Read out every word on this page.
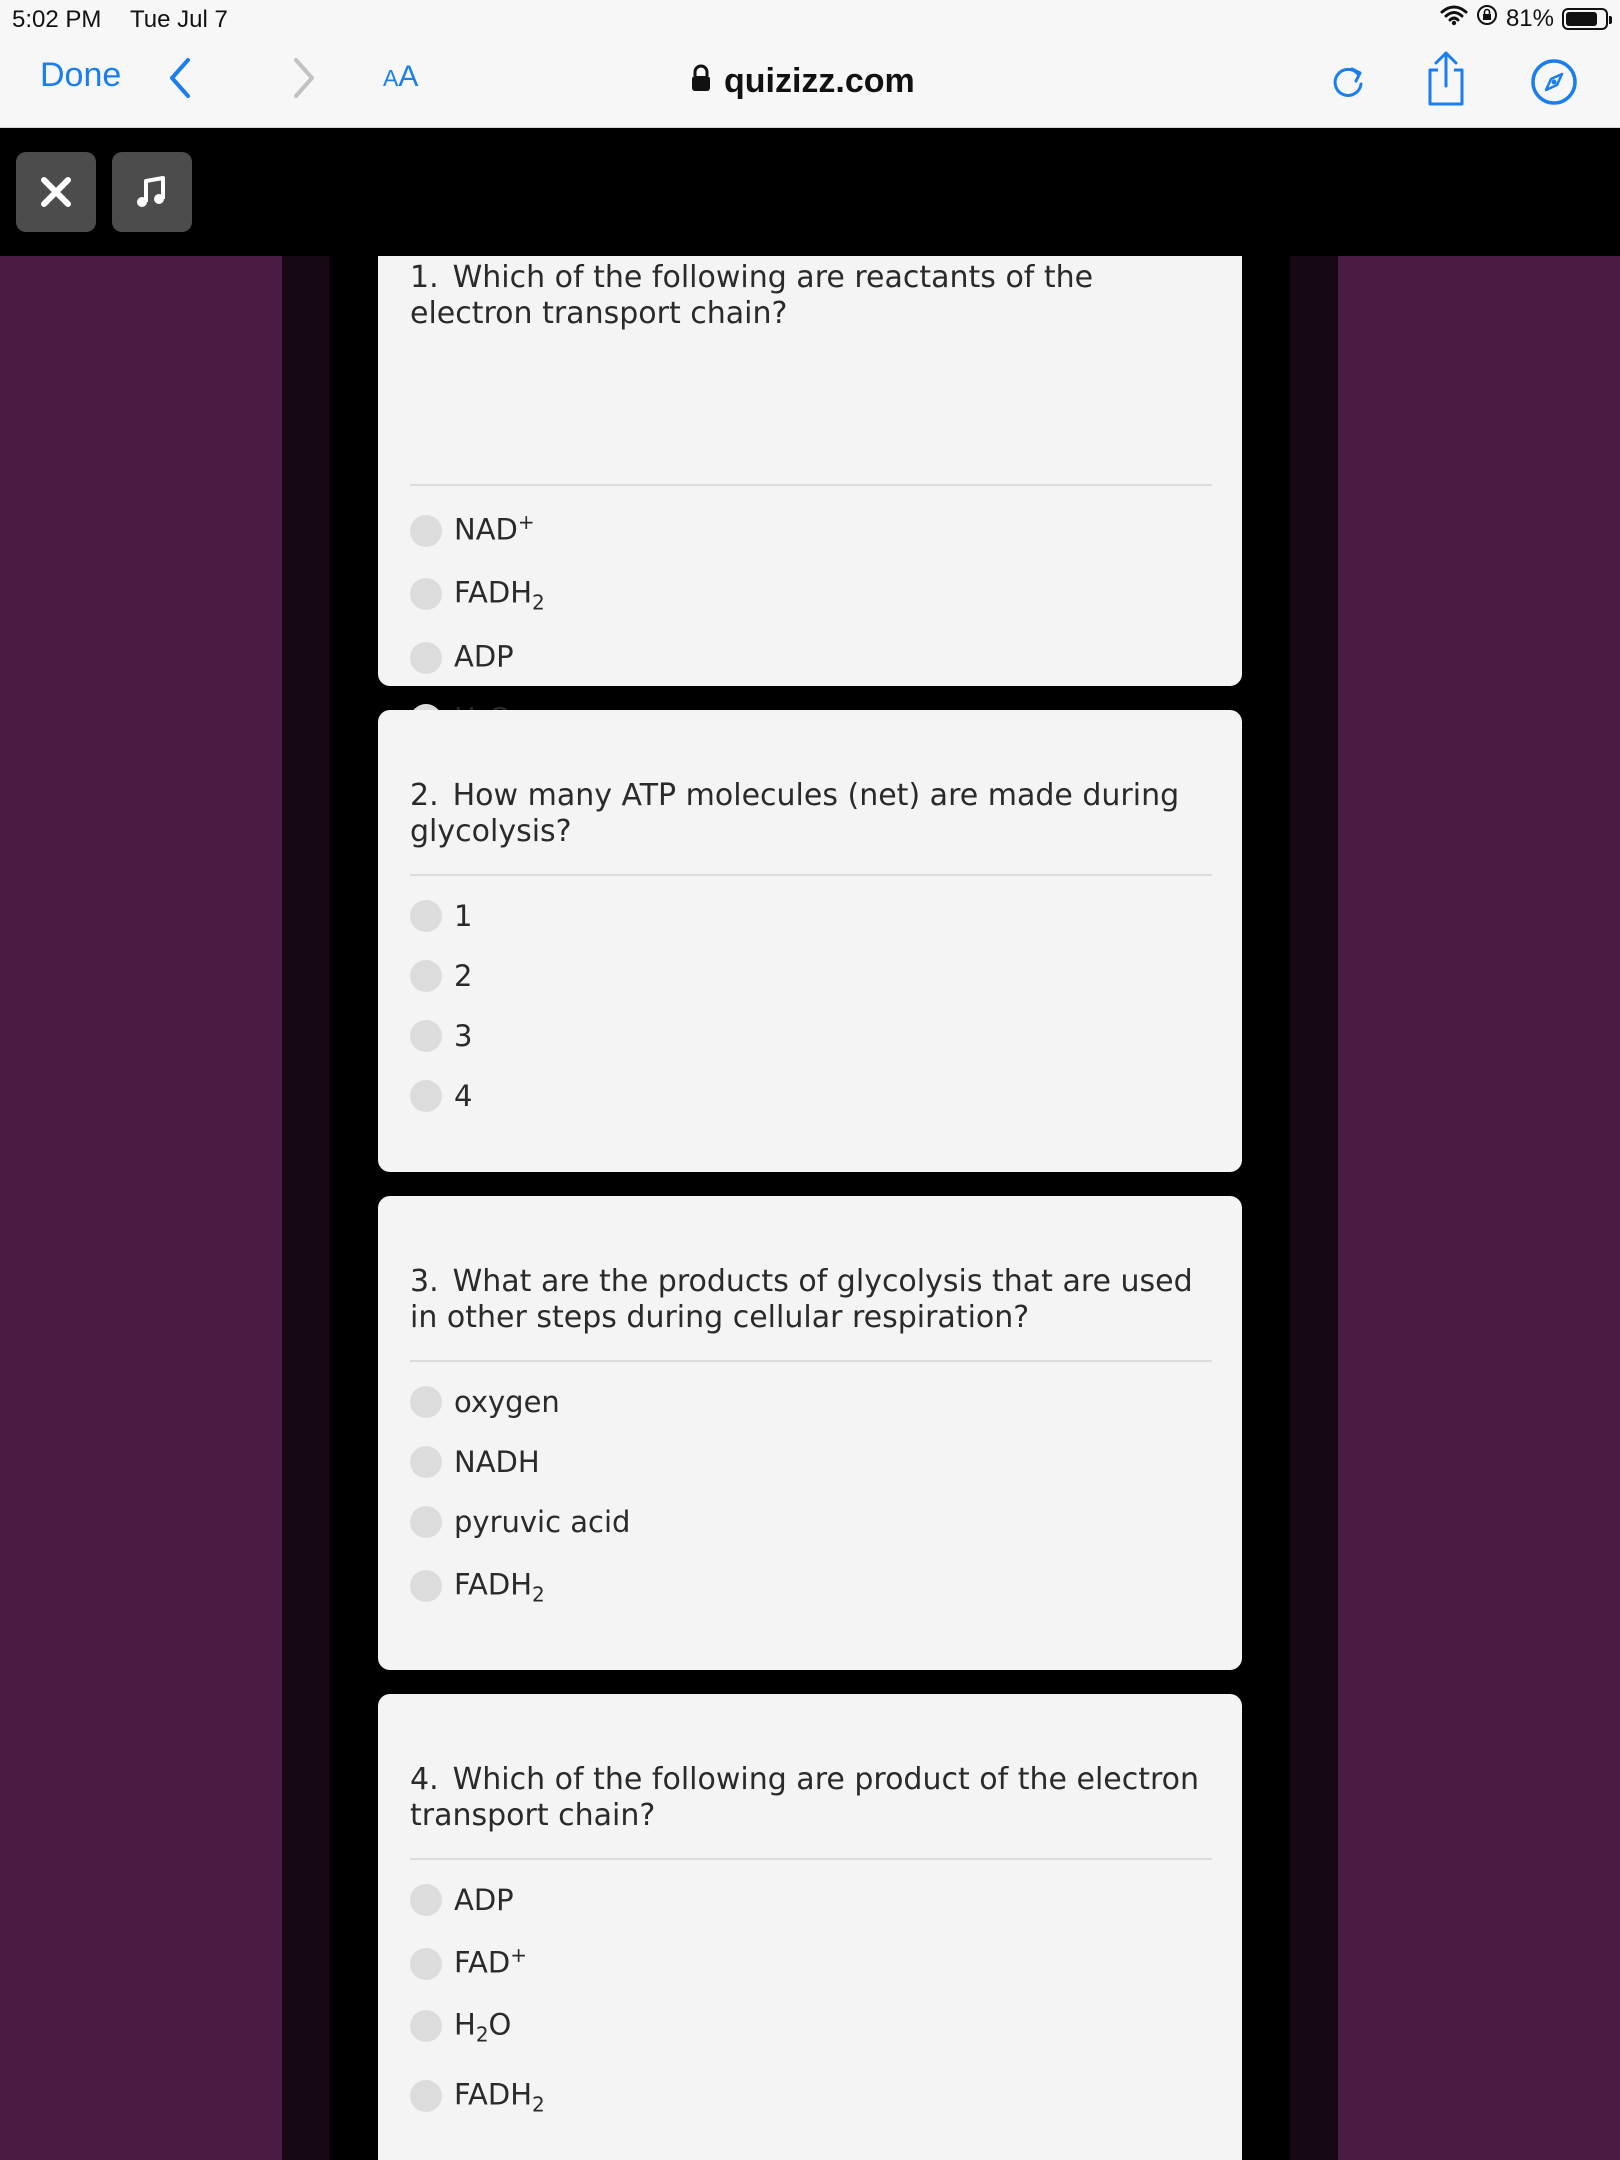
5:02 PM Tue Jul 7	81%
Done	AA	quizizz.com
1. Which of the following are reactants of the electron transport chain?
NAD+
$FADH_2$
ADP
2. How many ATP molecules (net) are made during glycolysis?
1
2
3
4
3. What are the products of glycolysis that are used in other steps during cellular respiration?
oxygen
NADH
pyruvic acid
$FADH_2$
4. Which of the following are product of the electron transport chain?
ADP
FAD+
$H_2O$
$FADH_2$
